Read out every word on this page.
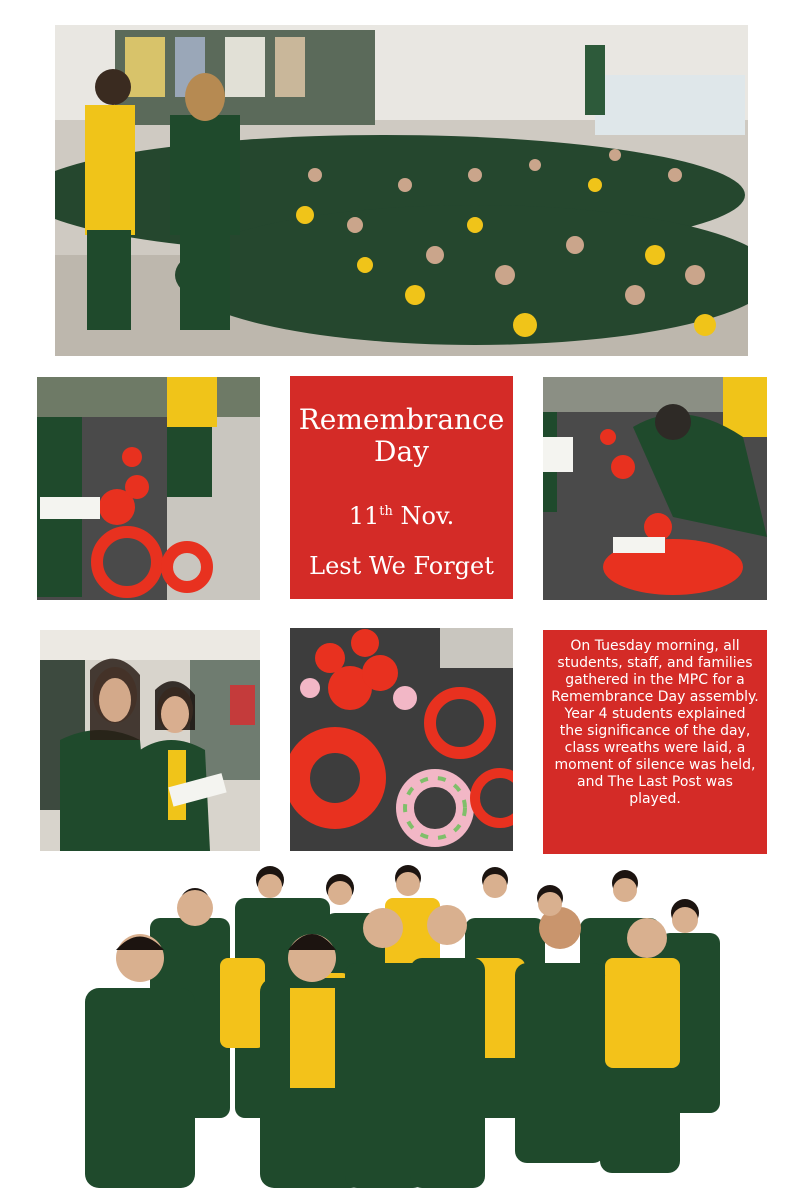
Remembrance Day
11th Nov.
Lest We Forget

On Tuesday morning, all students, staff, and families gathered in the MPC for a Remembrance Day assembly. Year 4 students explained the significance of the day, class wreaths were laid, a moment of silence was held, and The Last Post was played.
